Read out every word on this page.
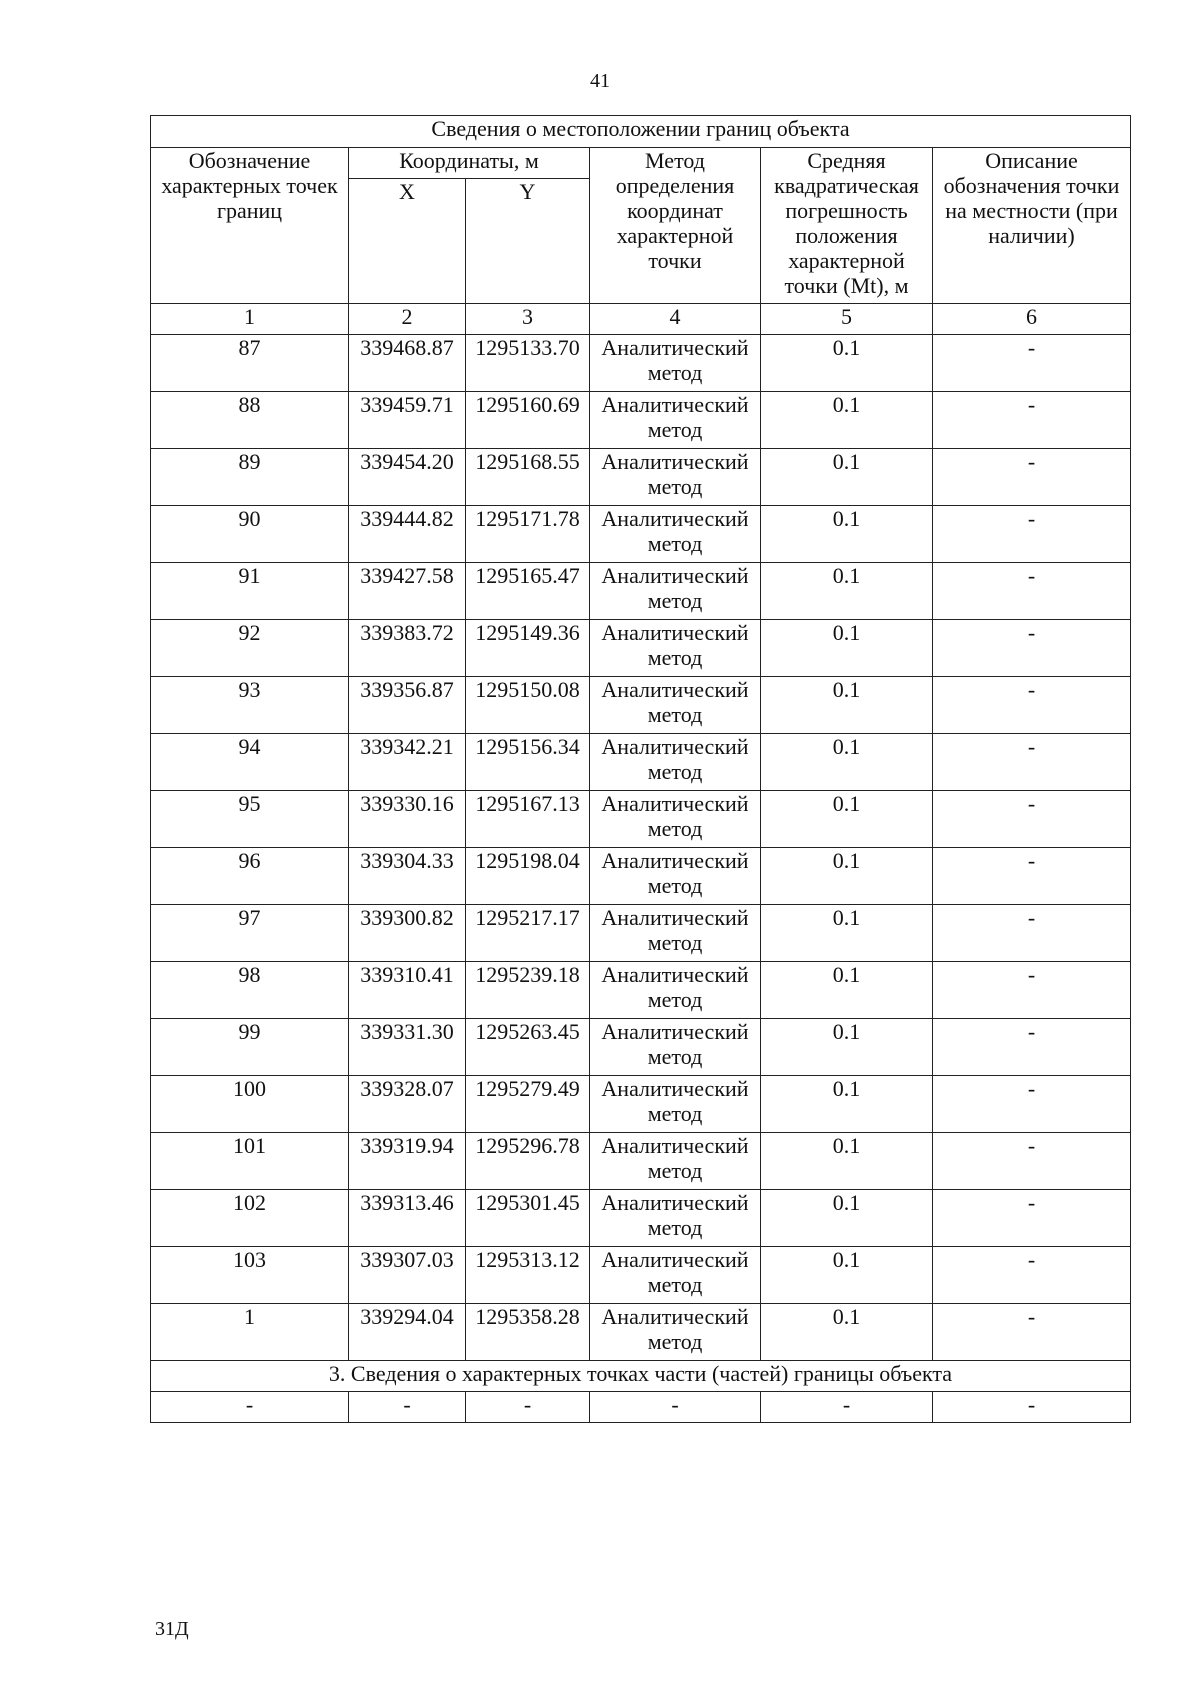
41
Сведения о местоположении границ объекта					
Обозначение характерных точек границ	Координаты, м		Метод определения координат характерной точки	Средняя квадратическая погрешность положения характерной точки (Mt), м	Описание обозначения точки на местности (при наличии)
	X	Y			
1	2	3	4	5	6
87	339468.87	1295133.70	Аналитический метод	0.1	-
88	339459.71	1295160.69	Аналитический метод	0.1	-
89	339454.20	1295168.55	Аналитический метод	0.1	-
90	339444.82	1295171.78	Аналитический метод	0.1	-
91	339427.58	1295165.47	Аналитический метод	0.1	-
92	339383.72	1295149.36	Аналитический метод	0.1	-
93	339356.87	1295150.08	Аналитический метод	0.1	-
94	339342.21	1295156.34	Аналитический метод	0.1	-
95	339330.16	1295167.13	Аналитический метод	0.1	-
96	339304.33	1295198.04	Аналитический метод	0.1	-
97	339300.82	1295217.17	Аналитический метод	0.1	-
98	339310.41	1295239.18	Аналитический метод	0.1	-
99	339331.30	1295263.45	Аналитический метод	0.1	-
100	339328.07	1295279.49	Аналитический метод	0.1	-
101	339319.94	1295296.78	Аналитический метод	0.1	-
102	339313.46	1295301.45	Аналитический метод	0.1	-
103	339307.03	1295313.12	Аналитический метод	0.1	-
1	339294.04	1295358.28	Аналитический метод	0.1	-
3. Сведения о характерных точках части (частей) границы объекта					
-	-	-	-	-	-
31Д
